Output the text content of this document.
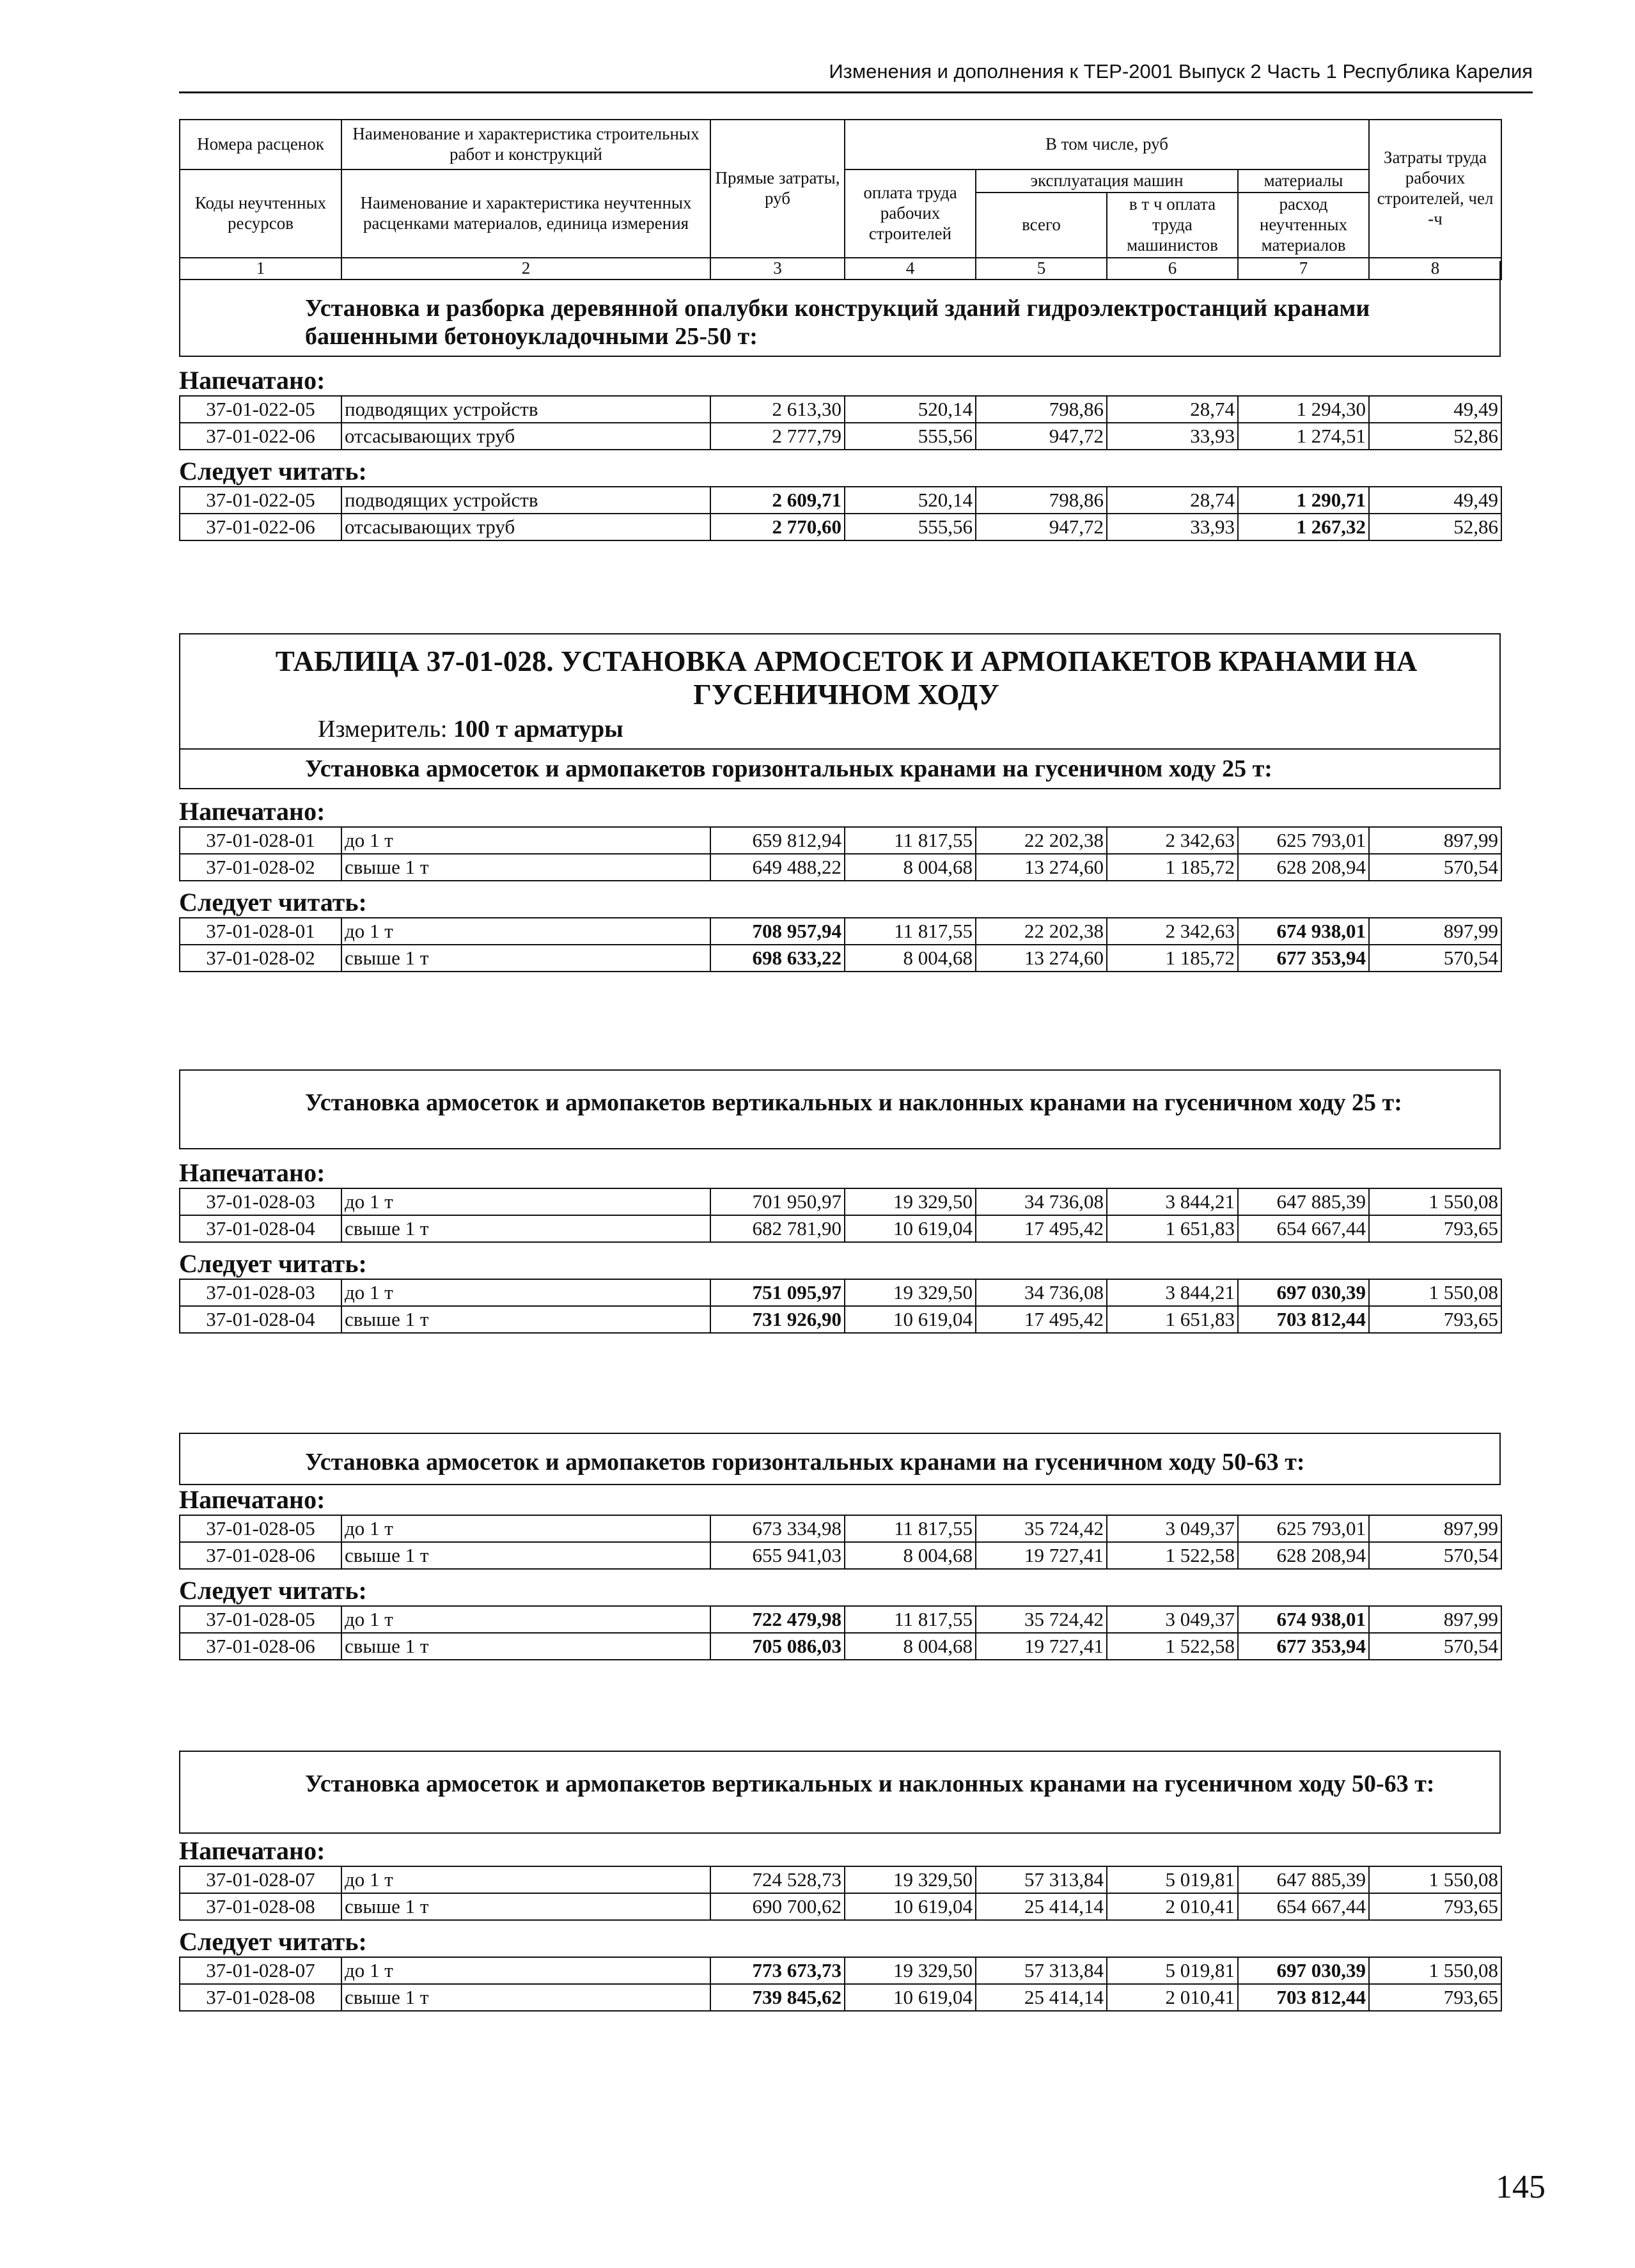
Изменения и дополнения к ТЕР-2001 Выпуск 2 Часть 1 Республика Карелия
Номера расценок	Наименование и характеристика строительных работ и конструкций	Прямые затраты, руб	В том числе, руб				Затраты труда рабочих строителей, чел -ч
Коды неучтенных ресурсов	Наименование и характеристика неучтенных расценками материалов, единица измерения		оплата труда рабочих строителей	эксплуатация машин		материалы	
				всего	в т ч оплата труда машинистов	расход неучтенных материалов	
1	2	3	4	5	6	7	8
Установка и разборка деревянной опалубки конструкций зданий гидроэлектростанций кранами башенными бетоноукладочными 25-50 т:

Напечатано:

37-01-022-05	подводящих устройств	2 613,30	520,14	798,86	28,74	1 294,30	49,49
37-01-022-06	отсасывающих труб	2 777,79	555,56	947,72	33,93	1 274,51	52,86

Следует читать:

37-01-022-05	подводящих устройств	2 609,71	520,14	798,86	28,74	1 290,71	49,49
37-01-022-06	отсасывающих труб	2 770,60	555,56	947,72	33,93	1 267,32	52,86
ТАБЛИЦА 37-01-028. УСТАНОВКА АРМОСЕТОК И АРМОПАКЕТОВ КРАНАМИ НА ГУСЕНИЧНОМ ХОДУ
Измеритель: 100 т арматуры
Установка армосеток и армопакетов горизонтальных кранами на гусеничном ходу 25 т:

Напечатано:

37-01-028-01	до 1 т	659 812,94	11 817,55	22 202,38	2 342,63	625 793,01	897,99
37-01-028-02	свыше 1 т	649 488,22	8 004,68	13 274,60	1 185,72	628 208,94	570,54

Следует читать:

37-01-028-01	до 1 т	708 957,94	11 817,55	22 202,38	2 342,63	674 938,01	897,99
37-01-028-02	свыше 1 т	698 633,22	8 004,68	13 274,60	1 185,72	677 353,94	570,54
Установка армосеток и армопакетов вертикальных и наклонных кранами на гусеничном ходу 25 т:

Напечатано:

37-01-028-03	до 1 т	701 950,97	19 329,50	34 736,08	3 844,21	647 885,39	1 550,08
37-01-028-04	свыше 1 т	682 781,90	10 619,04	17 495,42	1 651,83	654 667,44	793,65

Следует читать:

37-01-028-03	до 1 т	751 095,97	19 329,50	34 736,08	3 844,21	697 030,39	1 550,08
37-01-028-04	свыше 1 т	731 926,90	10 619,04	17 495,42	1 651,83	703 812,44	793,65
Установка армосеток и армопакетов горизонтальных кранами на гусеничном ходу 50-63 т:

Напечатано:

37-01-028-05	до 1 т	673 334,98	11 817,55	35 724,42	3 049,37	625 793,01	897,99
37-01-028-06	свыше 1 т	655 941,03	8 004,68	19 727,41	1 522,58	628 208,94	570,54

Следует читать:

37-01-028-05	до 1 т	722 479,98	11 817,55	35 724,42	3 049,37	674 938,01	897,99
37-01-028-06	свыше 1 т	705 086,03	8 004,68	19 727,41	1 522,58	677 353,94	570,54
Установка армосеток и армопакетов вертикальных и наклонных кранами на гусеничном ходу 50-63 т:

Напечатано:

37-01-028-07	до 1 т	724 528,73	19 329,50	57 313,84	5 019,81	647 885,39	1 550,08
37-01-028-08	свыше 1 т	690 700,62	10 619,04	25 414,14	2 010,41	654 667,44	793,65

Следует читать:

37-01-028-07	до 1 т	773 673,73	19 329,50	57 313,84	5 019,81	697 030,39	1 550,08
37-01-028-08	свыше 1 т	739 845,62	10 619,04	25 414,14	2 010,41	703 812,44	793,65
145
